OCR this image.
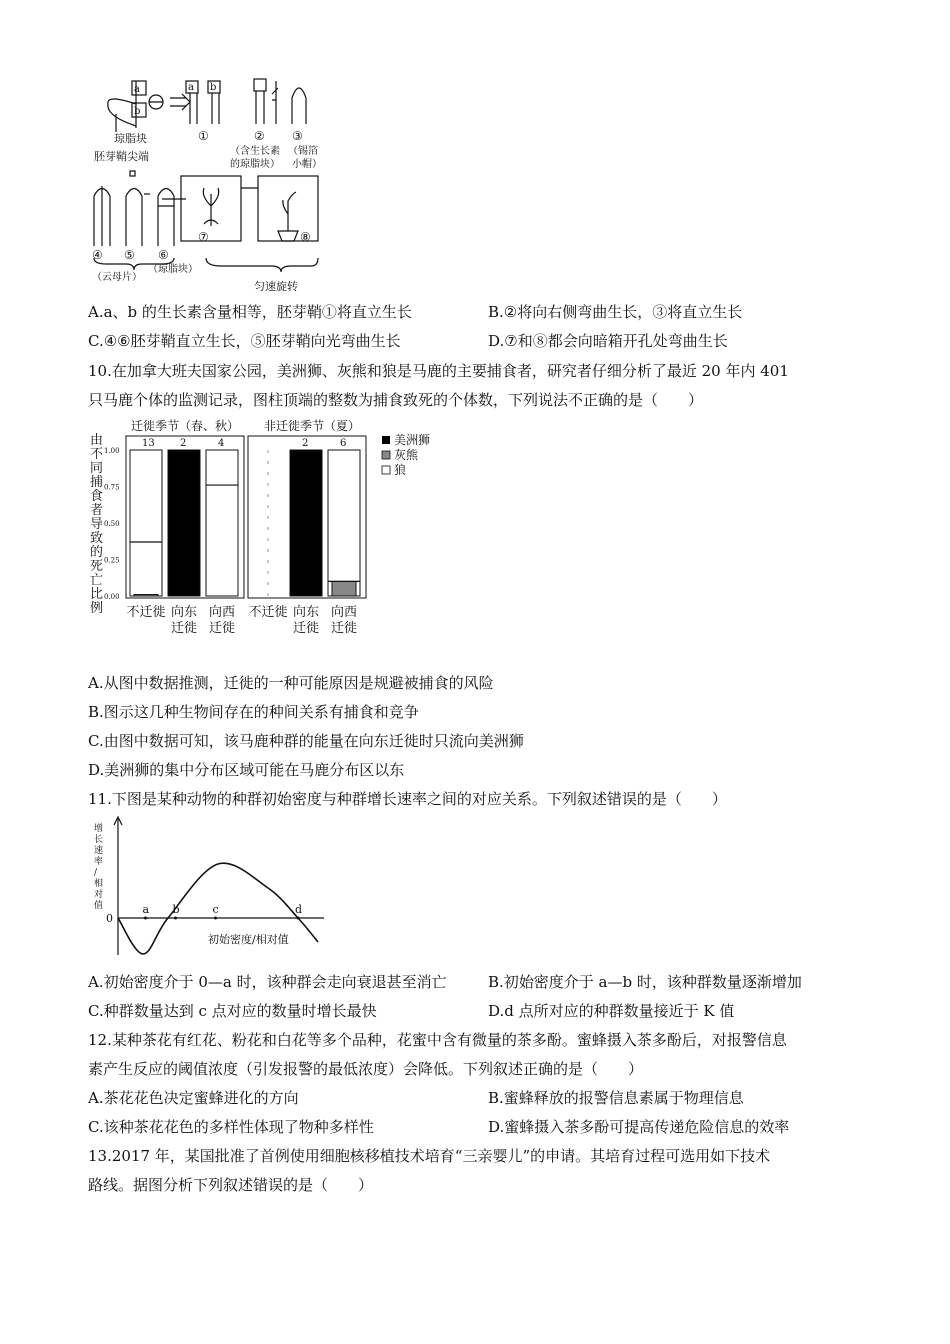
a
b
a b
琼脂块
胚芽鞘尖端
①	② ③
（含生长素
的琼脂块）
（锡箔
小帽）
④ ⑤ ⑥
⑦	⑧
（云母片）
（琼脂块）
匀速旋转
A.a、b 的生长素含量相等，胚芽鞘①将直立生长	B.②将向右侧弯曲生长，③将直立生长
C.④⑥胚芽鞘直立生长，⑤胚芽鞘向光弯曲生长	D.⑦和⑧都会向暗箱开孔处弯曲生长
10.在加拿大班夫国家公园，美洲狮、灰熊和狼是马鹿的主要捕食者，研究者仔细分析了最近 20 年内 401
只马鹿个体的监测记录，图柱顶端的整数为捕食致死的个体数，下列说法不正确的是（　　）
迁徙季节（春、秋） 非迁徙季节（夏）
由
不
同
捕
食
者
导
致
的
死
亡
比
例
1.00
0.75
0.50
0.25
0.00
13	2	4	2	6
不迁徙 向东
迁徙
向西
迁徙
不迁徙 向东
迁徙
向西
迁徙
美洲狮
灰熊
狼
A.从图中数据推测，迁徙的一种可能原因是规避被捕食的风险
B.图示这几种生物间存在的种间关系有捕食和竞争
C.由图中数据可知，该马鹿种群的能量在向东迁徙时只流向美洲狮
D.美洲狮的集中分布区域可能在马鹿分布区以东
11.下图是某种动物的种群初始密度与种群增长速率之间的对应关系。下列叙述错误的是（　　）
0
增
长
速
率
/
相
对
值
初始密度/相对值
a b	c	d
A.初始密度介于 0—a 时，该种群会走向衰退甚至消亡	B.初始密度介于 a—b 时，该种群数量逐渐增加
C.种群数量达到 c 点对应的数量时增长最快	D.d 点所对应的种群数量接近于 K 值
12.某种茶花有红花、粉花和白花等多个品种，花蜜中含有微量的茶多酚。蜜蜂摄入茶多酚后，对报警信息
素产生反应的阈值浓度（引发报警的最低浓度）会降低。下列叙述正确的是（　　）
A.茶花花色决定蜜蜂进化的方向	B.蜜蜂释放的报警信息素属于物理信息
C.该种茶花花色的多样性体现了物种多样性	D.蜜蜂摄入茶多酚可提高传递危险信息的效率
13.2017 年，某国批准了首例使用细胞核移植技术培育“三亲婴儿”的申请。其培育过程可选用如下技术
路线。据图分析下列叙述错误的是（　　）
